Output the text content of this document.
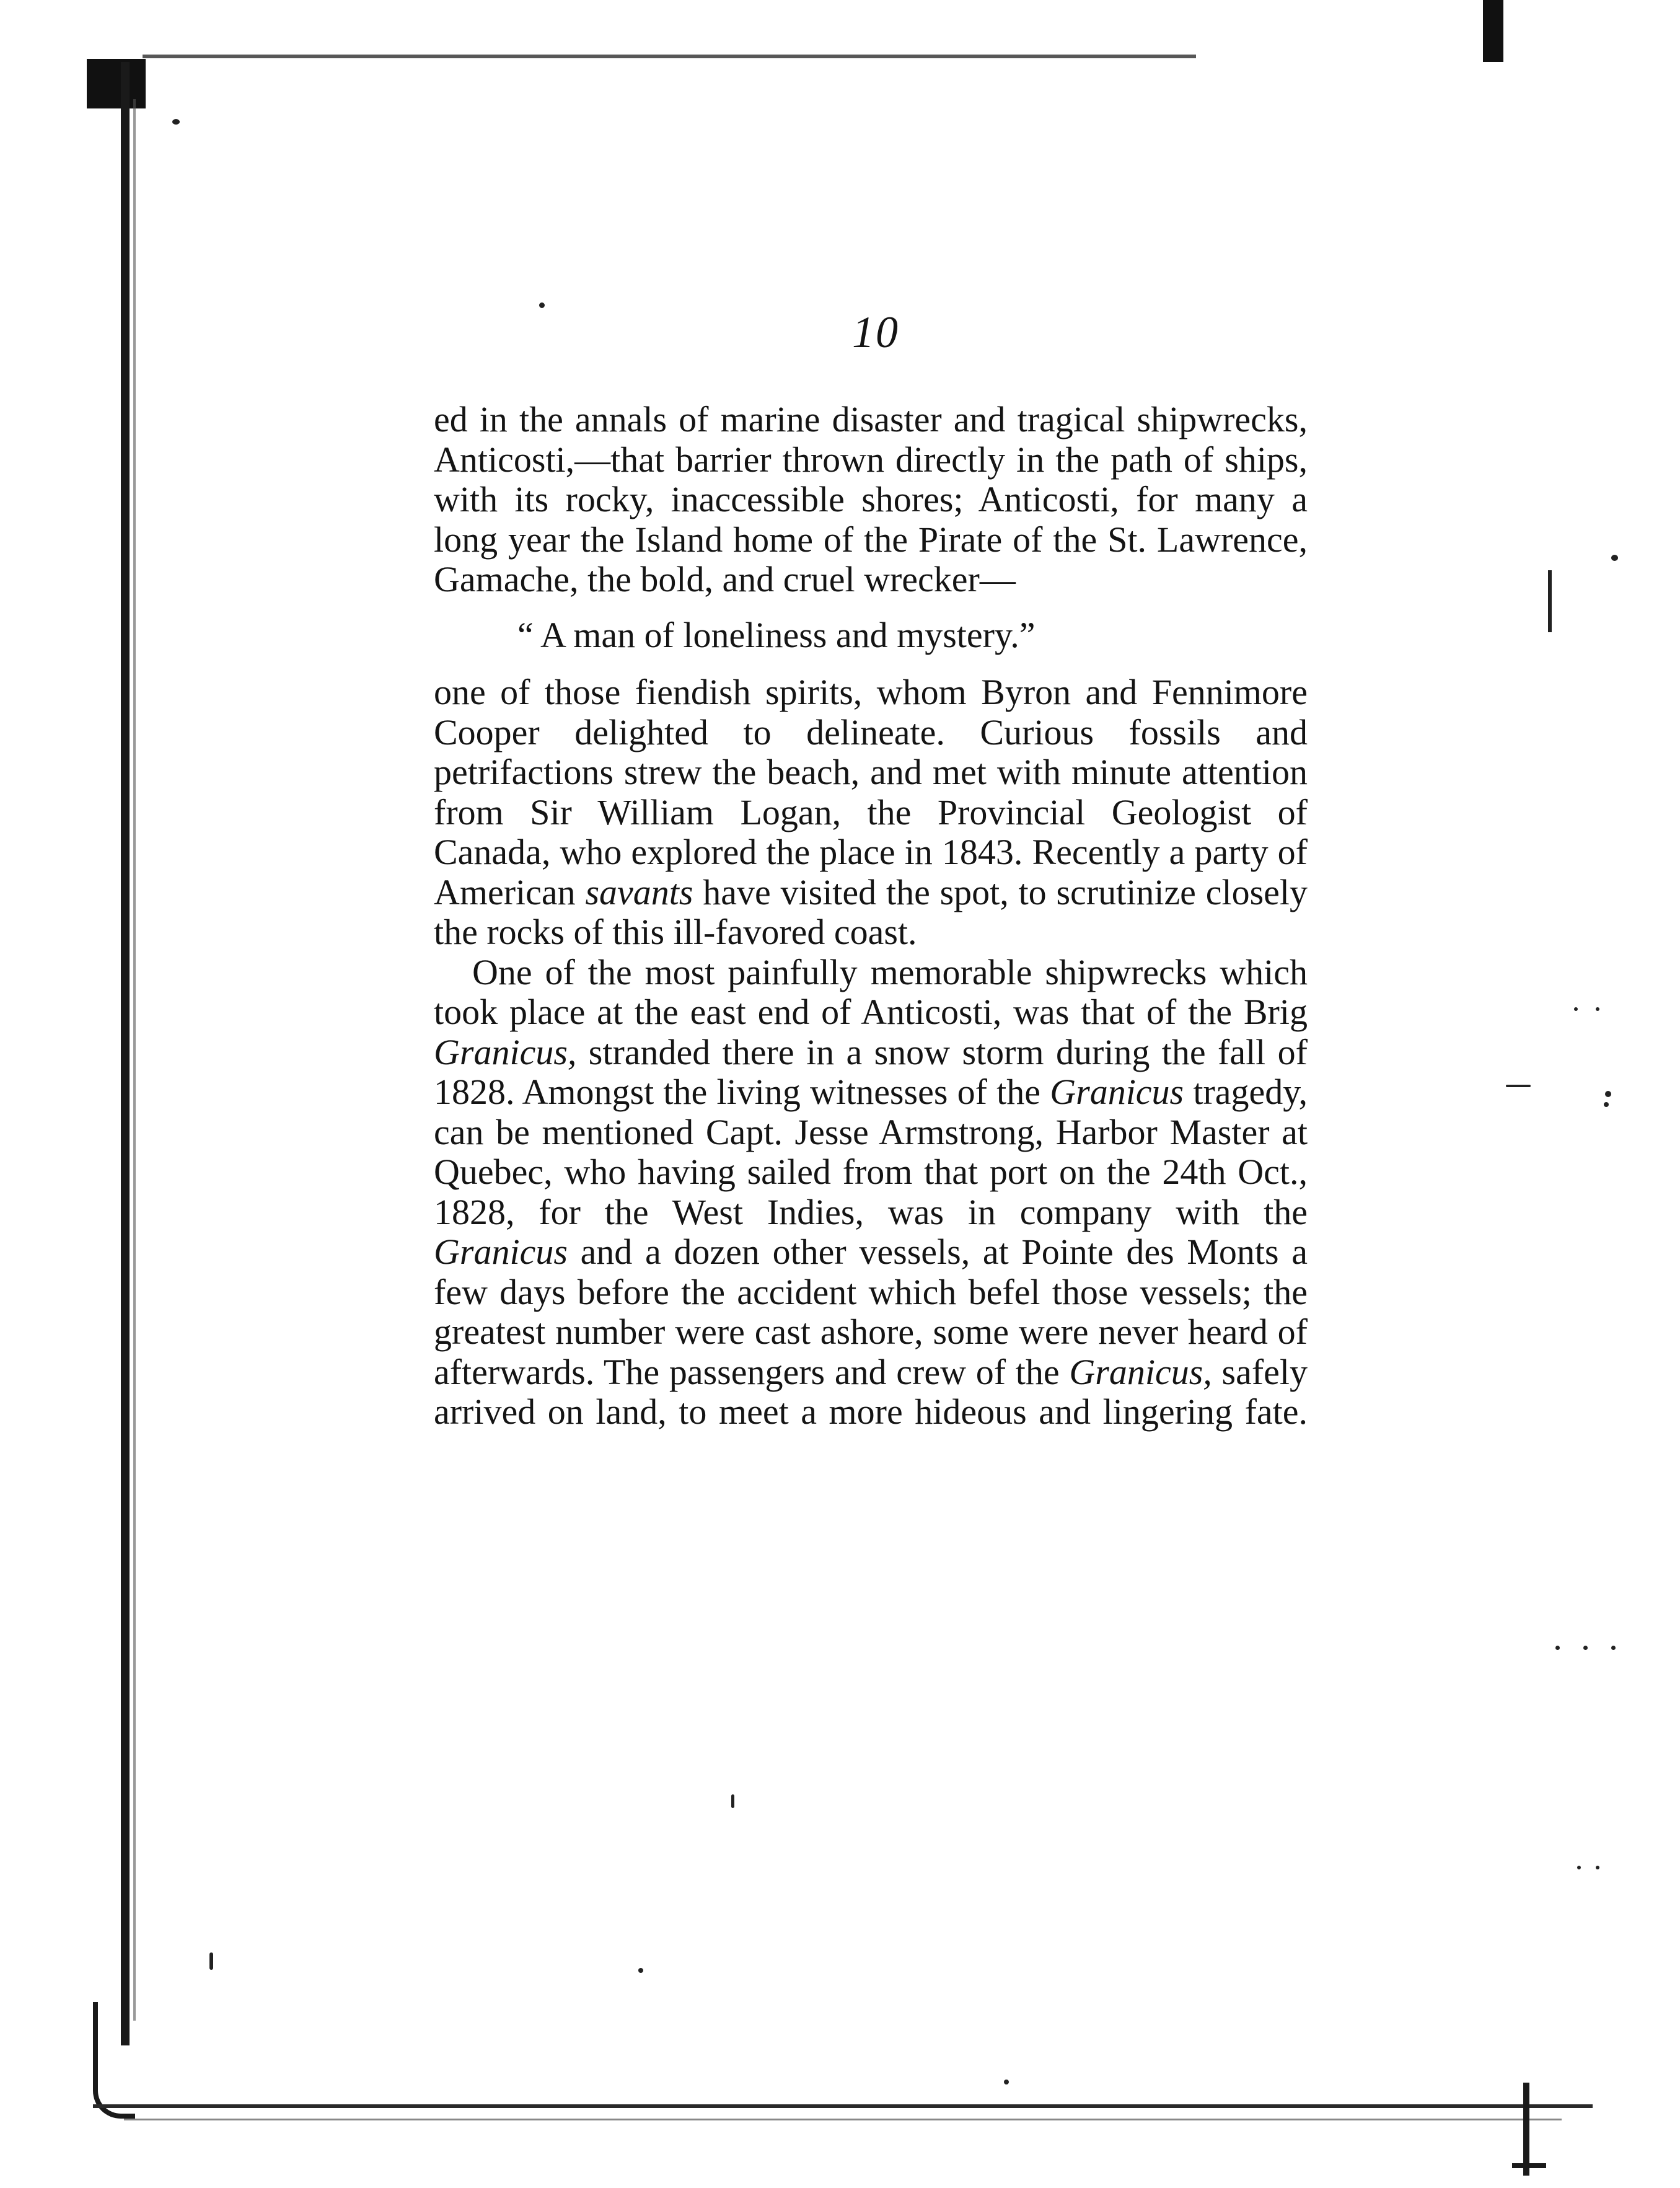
10

ed in the annals of marine disaster and tragical shipwrecks, Anticosti,—that barrier thrown directly in the path of ships, with its rocky, inaccessible shores; Anticosti, for many a long year the Island home of the Pirate of the St. Lawrence, Gamache, the bold, and cruel wrecker—

“ A man of loneliness and mystery.”

one of those fiendish spirits, whom Byron and Fennimore Cooper delighted to delineate. Curious fossils and petrifactions strew the beach, and met with minute attention from Sir William Logan, the Provincial Geologist of Canada, who explored the place in 1843. Recently a party of American savants have visited the spot, to scrutinize closely the rocks of this ill-favored coast.

One of the most painfully memorable shipwrecks which took place at the east end of Anticosti, was that of the Brig Granicus, stranded there in a snow storm during the fall of 1828. Amongst the living witnesses of the Granicus tragedy, can be mentioned Capt. Jesse Armstrong, Harbor Master at Quebec, who having sailed from that port on the 24th Oct., 1828, for the West Indies, was in company with the Granicus and a dozen other vessels, at Pointe des Monts a few days before the accident which befel those vessels; the greatest number were cast ashore, some were never heard of afterwards. The passengers and crew of the Granicus, safely arrived on land, to meet a more hideous and lingering fate.
